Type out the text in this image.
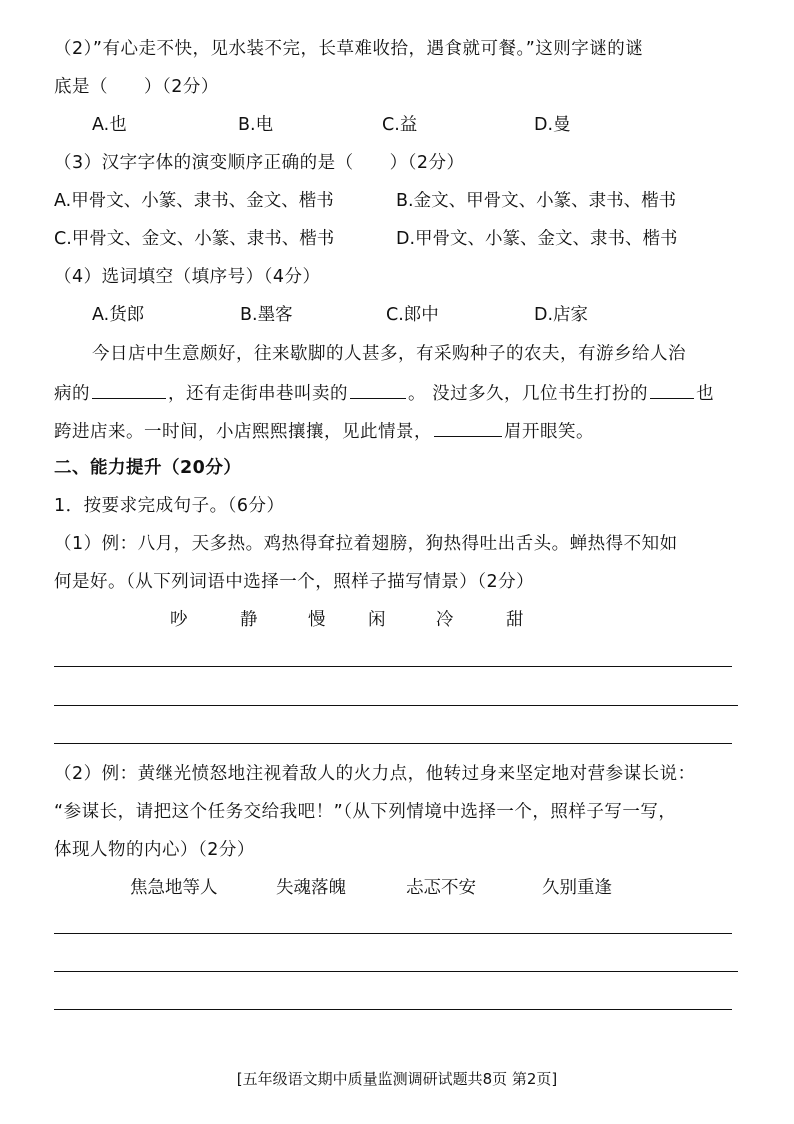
（2）”有心走不快，见水装不完，长草难收拾，遇食就可餐。”这则字谜的谜
底是（　　）（2分）
A.也	B.电	C.益	D.曼
（3）汉字字体的演变顺序正确的是（　　）（2分）
A.甲骨文、小篆、隶书、金文、楷书	B.金文、甲骨文、小篆、隶书、楷书
C.甲骨文、金文、小篆、隶书、楷书	D.甲骨文、小篆、金文、隶书、楷书
（4）选词填空（填序号）（4分）
A.货郎	B.墨客	C.郎中	D.店家
今日店中生意颇好，往来歇脚的人甚多，有采购种子的农夫，有游乡给人治
病的	，还有走街串巷叫卖的	。 没过多久，几位书生打扮的	也
跨进店来。一时间，小店熙熙攘攘，见此情景，	眉开眼笑。
二、能力提升（20分）
1．按要求完成句子。（6分）
（1）例：八月，天多热。鸡热得耷拉着翅膀，狗热得吐出舌头。蝉热得不知如
何是好。（从下列词语中选择一个，照样子描写情景）（2分）
吵	静	慢 闲	冷	甜
（2）例：黄继光愤怒地注视着敌人的火力点，他转过身来坚定地对营参谋长说：
“参谋长，请把这个任务交给我吧！”（从下列情境中选择一个，照样子写一写，
体现人物的内心）（2分）
焦急地等人	失魂落魄	忐忑不安	久别重逢
[五年级语文期中质量监测调研试题共8页 第2页]
